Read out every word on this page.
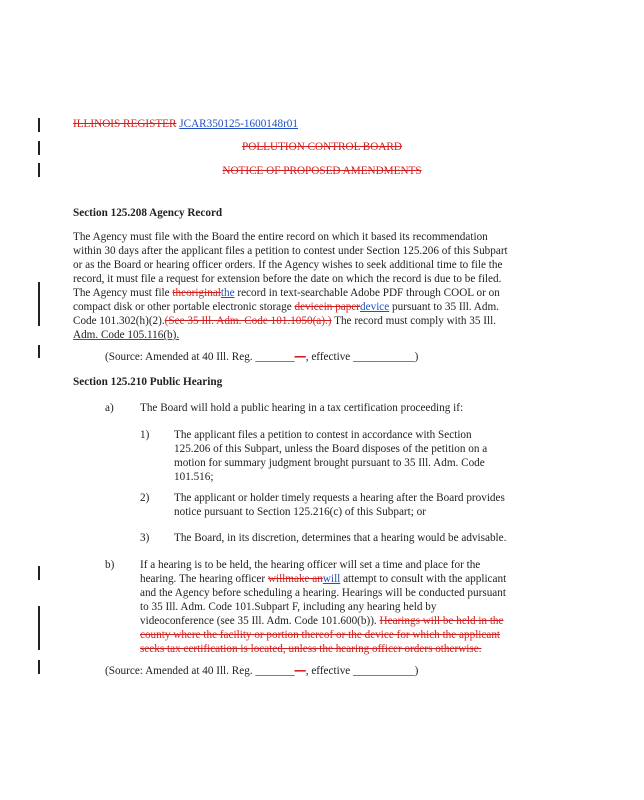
ILLINOIS REGISTER JCAR350125-1600148r01
POLLUTION CONTROL BOARD
NOTICE OF PROPOSED AMENDMENTS
Section 125.208 Agency Record
The Agency must file with the Board the entire record on which it based its recommendation
within 30 days after the applicant files a petition to contest under Section 125.206 of this Subpart
or as the Board or hearing officer orders. If the Agency wishes to seek additional time to file the
record, it must file a request for extension before the date on which the record is due to be filed.
The Agency must file theoriginalthe record in text-searchable Adobe PDF through COOL or on
compact disk or other portable electronic storage devicein paperdevice pursuant to 35 Ill. Adm.
Code 101.302(h)(2).(See 35 Ill. Adm. Code 101.1050(a).) The record must comply with 35 Ill.
Adm. Code 105.116(b).
(Source: Amended at 40 Ill. Reg. _______—, effective ___________)
Section 125.210 Public Hearing
a) The Board will hold a public hearing in a tax certification proceeding if:
1) The applicant files a petition to contest in accordance with Section
125.206 of this Subpart, unless the Board disposes of the petition on a
motion for summary judgment brought pursuant to 35 Ill. Adm. Code
101.516;
2) The applicant or holder timely requests a hearing after the Board provides
notice pursuant to Section 125.216(c) of this Subpart; or
3) The Board, in its discretion, determines that a hearing would be advisable.
b) If a hearing is to be held, the hearing officer will set a time and place for the
hearing. The hearing officer willmake anwill attempt to consult with the applicant
and the Agency before scheduling a hearing. Hearings will be conducted pursuant
to 35 Ill. Adm. Code 101.Subpart F, including any hearing held by
videoconference (see 35 Ill. Adm. Code 101.600(b)). Hearings will be held in the
county where the facility or portion thereof or the device for which the applicant
seeks tax certification is located, unless the hearing officer orders otherwise.
(Source: Amended at 40 Ill. Reg. _______—, effective ___________)
